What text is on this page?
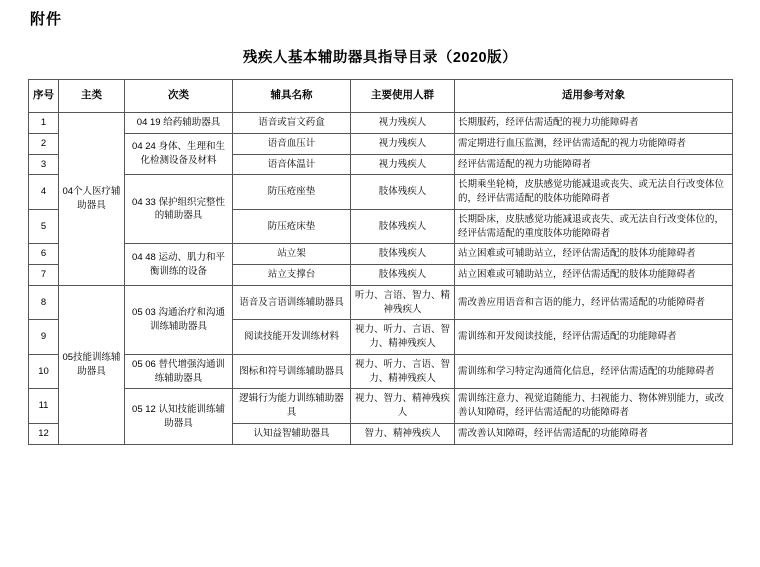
附件
残疾人基本辅助器具指导目录（2020版）
序号	主类	次类	辅具名称	主要使用人群	适用参考对象
1	04个人医疗辅助器具	04 19 给药辅助器具	语音或盲文药盒	视力残疾人	长期服药，经评估需适配的视力功能障碍者
2		04 24 身体、生理和生化检测设备及材料	语音血压计	视力残疾人	需定期进行血压监测，经评估需适配的视力功能障碍者
3			语音体温计	视力残疾人	经评估需适配的视力功能障碍者
4		04 33 保护组织完整性的辅助器具	防压疮座垫	肢体残疾人	长期乘坐轮椅，皮肤感觉功能减退或丧失、或无法自行改变体位的，经评估需适配的肢体功能障碍者
5			防压疮床垫	肢体残疾人	长期卧床，皮肤感觉功能减退或丧失、或无法自行改变体位的，经评估需适配的重度肢体功能障碍者
6		04 48 运动、肌力和平衡训练的设备	站立架	肢体残疾人	站立困难或可辅助站立，经评估需适配的肢体功能障碍者
7			站立支撑台	肢体残疾人	站立困难或可辅助站立，经评估需适配的肢体功能障碍者
8	05技能训练辅助器具	05 03 沟通治疗和沟通训练辅助器具	语音及言语训练辅助器具	听力、言语、智力、精神残疾人	需改善应用语音和言语的能力，经评估需适配的功能障碍者
9			阅读技能开发训练材料	视力、听力、言语、智力、精神残疾人	需训练和开发阅读技能，经评估需适配的功能障碍者
10		05 06 替代增强沟通训练辅助器具	图标和符号训练辅助器具	视力、听力、言语、智力、精神残疾人	需训练和学习特定沟通简化信息，经评估需适配的功能障碍者
11		05 12 认知技能训练辅助器具	逻辑行为能力训练辅助器具	视力、智力、精神残疾人	需训练注意力、视觉追随能力、扫视能力、物体辨别能力，或改善认知障碍，经评估需适配的功能障碍者
12			认知益智辅助器具	智力、精神残疾人	需改善认知障碍，经评估需适配的功能障碍者
